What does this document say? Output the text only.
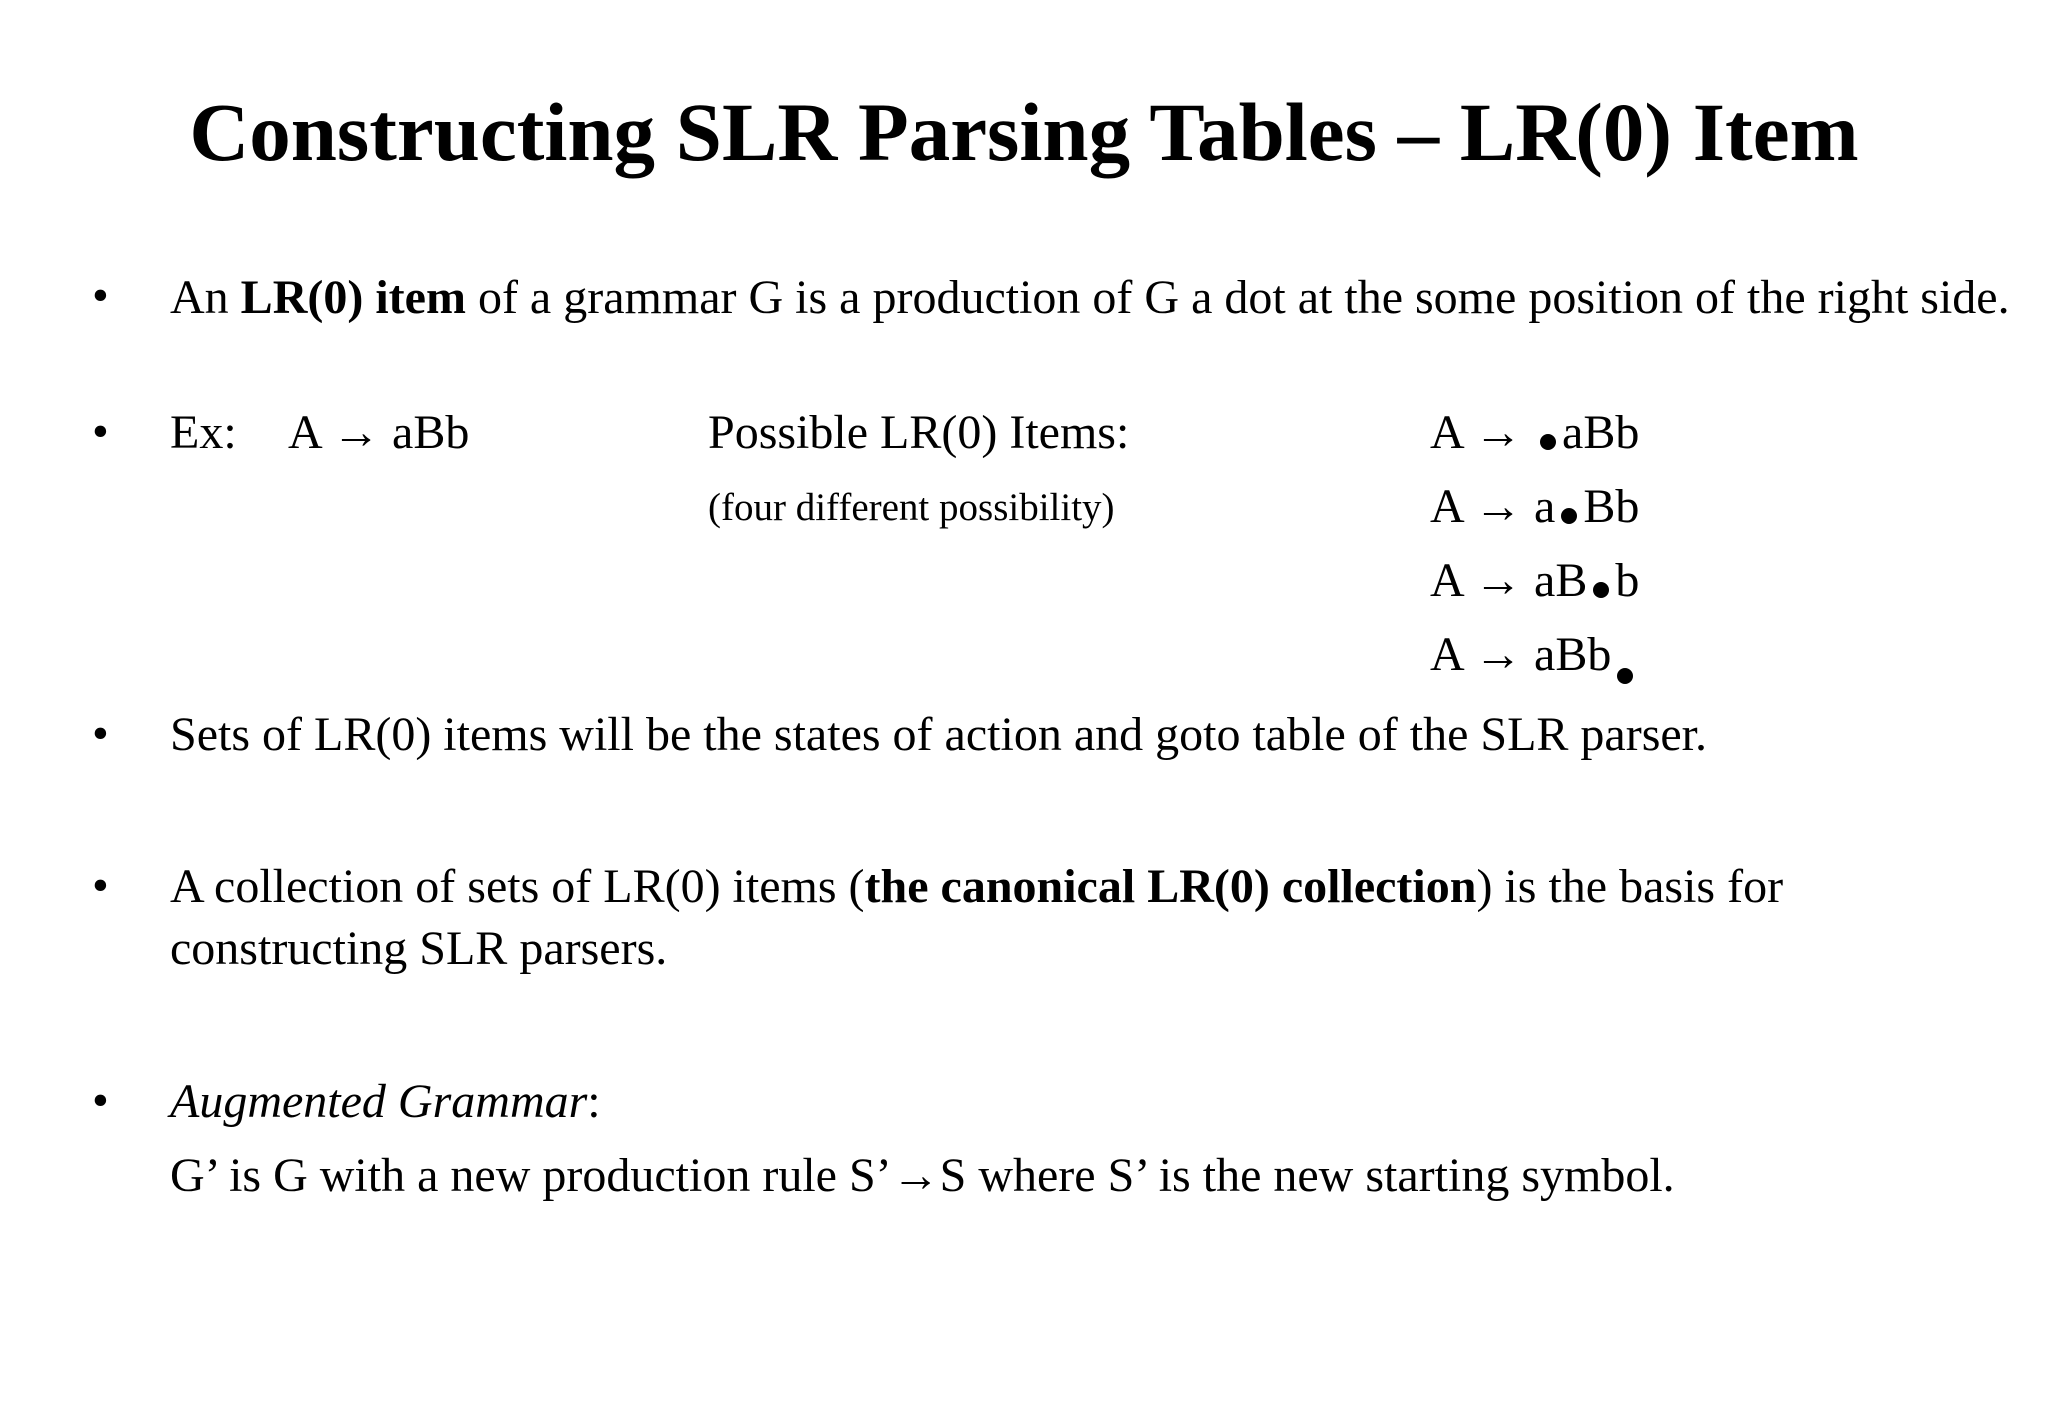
Constructing SLR Parsing Tables – LR(0) Item
• An LR(0) item of a grammar G is a production of G a dot at the some position of the right side.

• Ex: A → aBb	Possible LR(0) Items:
(four different possibility)
A → aBb
A → a Bb
A → aB b
A → aBb
• Sets of LR(0) items will be the states of action and goto table of the SLR parser.
• A collection of sets of LR(0) items (the canonical LR(0) collection) is the basis for constructing SLR parsers.

• Augmented Grammar:
G’ is G with a new production rule S’→S where S’ is the new starting symbol.
